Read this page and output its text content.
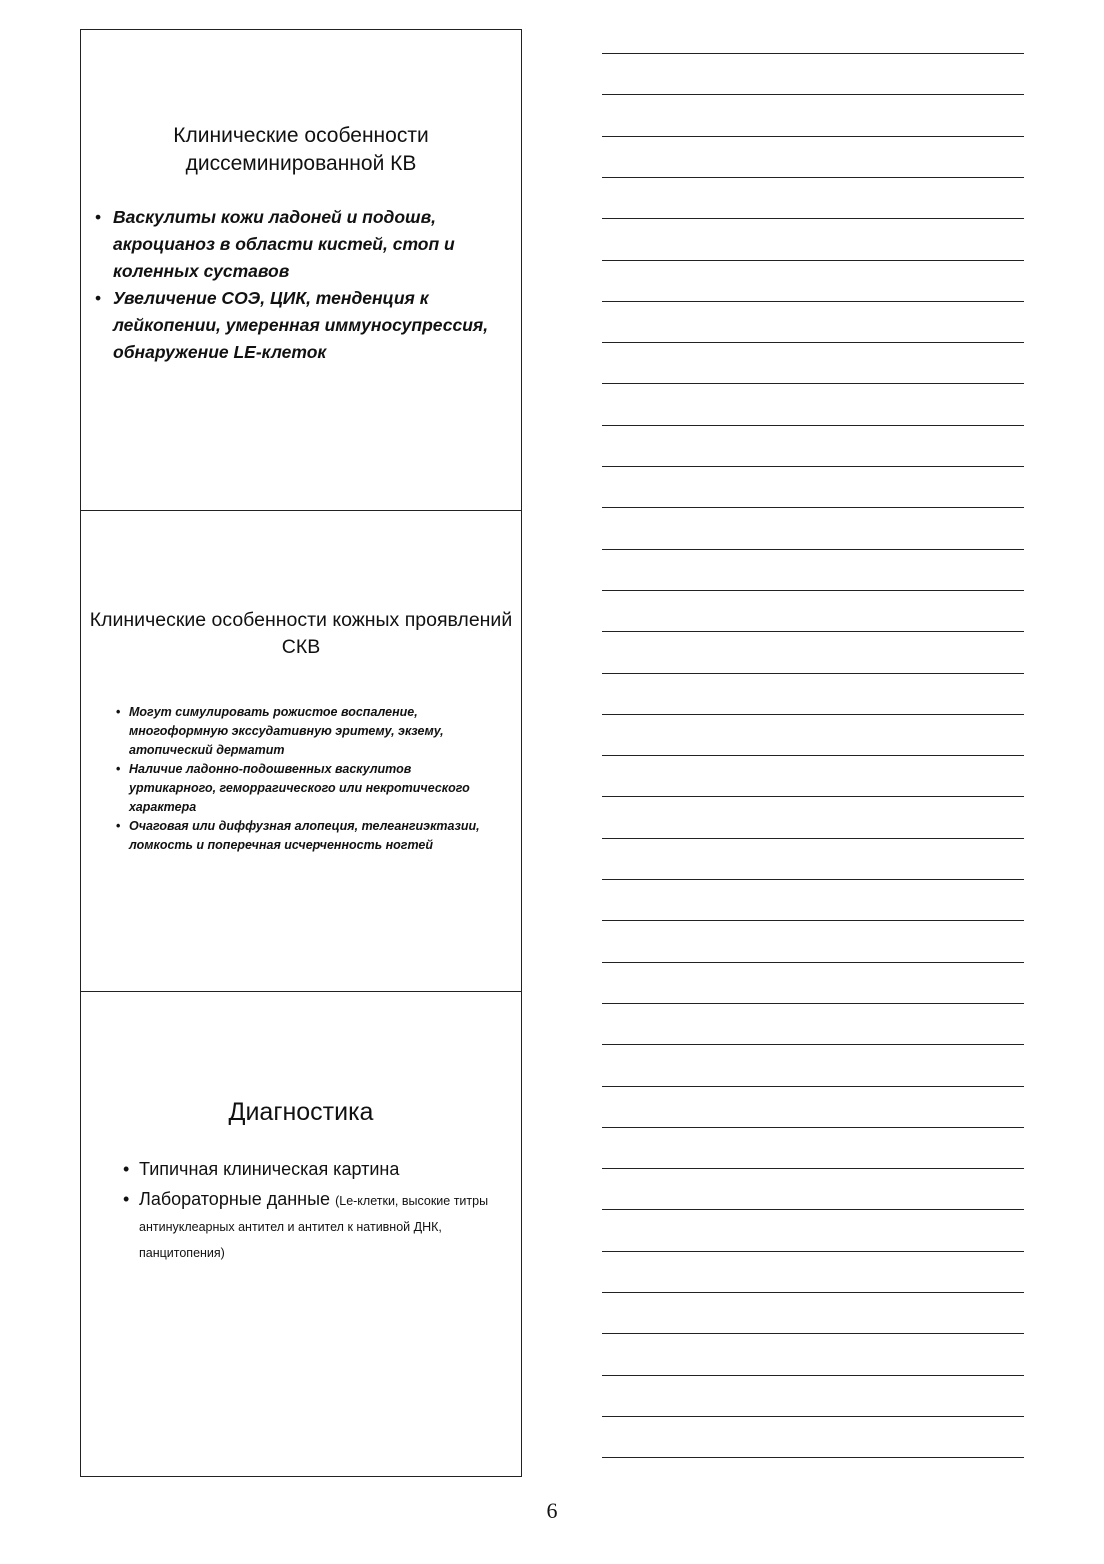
Клинические особенности диссеминированной КВ
• Васкулиты кожи ладоней и подошв, акроцианоз в области кистей, стоп и коленных суставов
• Увеличение СОЭ, ЦИК, тенденция к лейкопении, умеренная иммуносупрессия, обнаружение LE-клеток
Клинические особенности кожных проявлений СКВ
• Могут симулировать рожистое воспаление, многоформную экссудативную эритему, экзему, атопический дерматит
• Наличие ладонно-подошвенных васкулитов уртикарного, геморрагического или некротического характера
• Очаговая или диффузная алопеция, телеангиэктазии, ломкость и поперечная исчерченность ногтей
Диагностика
• Типичная клиническая картина
• Лабораторные данные (Le-клетки, высокие титры антинуклеарных антител и антител к нативной ДНК, панцитопения)
6
